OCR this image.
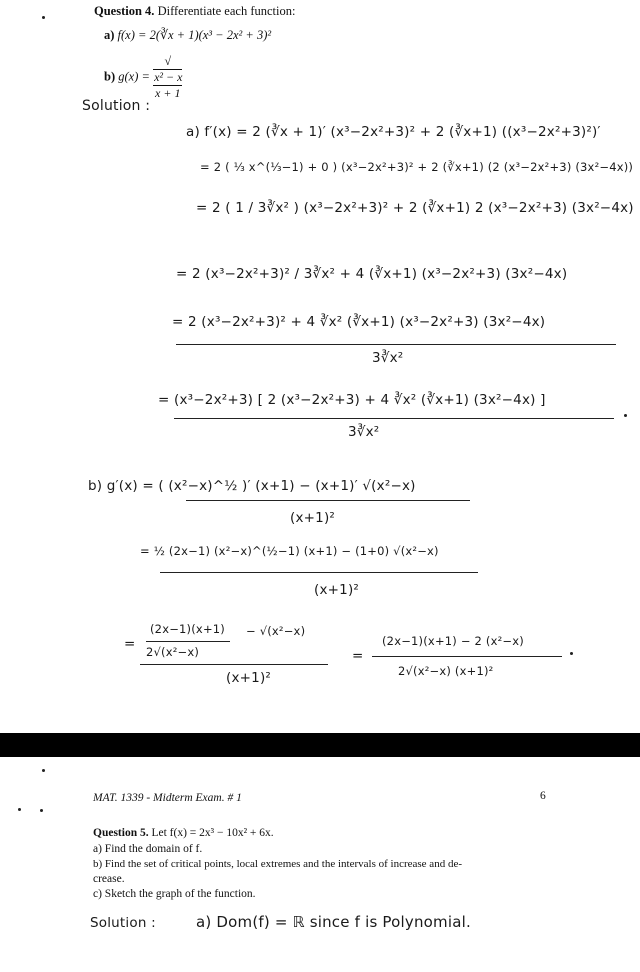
Question 4. Differentiate each function:
a) f(x) = 2(∛x + 1)(x³ − 2x² + 3)²
b) g(x) = √
x² − x
x + 1
Solution :
a) f′(x) = 2 (∛x + 1)′ (x³−2x²+3)² + 2 (∛x+1) ((x³−2x²+3)²)′
= 2 ( ⅓ x^(⅓−1) + 0 ) (x³−2x²+3)² + 2 (∛x+1) (2 (x³−2x²+3) (3x²−4x))
= 2 ( 1 / 3∛x² ) (x³−2x²+3)² + 2 (∛x+1) 2 (x³−2x²+3) (3x²−4x)
= 2 (x³−2x²+3)² / 3∛x² + 4 (∛x+1) (x³−2x²+3) (3x²−4x)
= 2 (x³−2x²+3)² + 4 ∛x² (∛x+1) (x³−2x²+3) (3x²−4x)
3∛x²
= (x³−2x²+3) [ 2 (x³−2x²+3) + 4 ∛x² (∛x+1) (3x²−4x) ]
3∛x²
b) g′(x) = ( (x²−x)^½ )′ (x+1) − (x+1)′ √(x²−x)
(x+1)²
= ½ (2x−1) (x²−x)^(½−1) (x+1) − (1+0) √(x²−x)
(x+1)²
=
(2x−1)(x+1)
2√(x²−x)
− √(x²−x)
(x+1)²
=
(2x−1)(x+1) − 2 (x²−x)
2√(x²−x) (x+1)²
MAT. 1339 - Midterm Exam. # 1	6
Question 5. Let f(x) = 2x³ − 10x² + 6x.
a) Find the domain of f.
b) Find the set of critical points, local extremes and the intervals of increase and de-
crease.
c) Sketch the graph of the function.
Solution :	a) Dom(f) = ℝ since f is Polynomial.
